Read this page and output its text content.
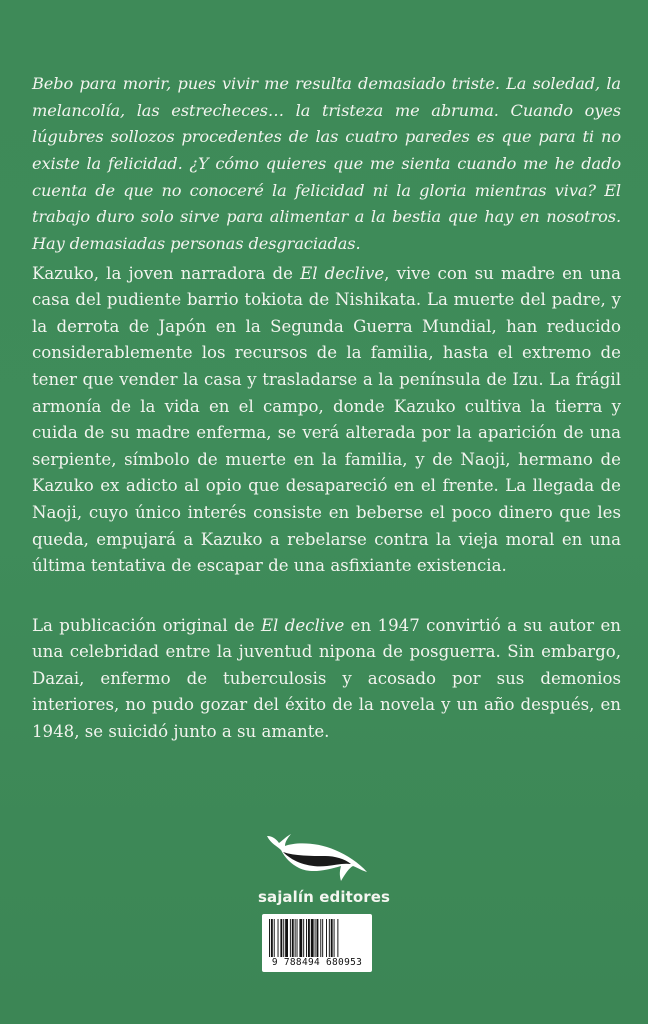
Bebo para morir, pues vivir me resulta demasiado triste. La soledad, la melancolía, las estrecheces… la tristeza me abruma. Cuando oyes lúgubres sollozos procedentes de las cuatro paredes es que para ti no existe la felicidad. ¿Y cómo quieres que me sienta cuando me he dado cuenta de que no conoceré la felicidad ni la gloria mientras viva? El trabajo duro solo sirve para alimentar a la bestia que hay en nosotros. Hay demasiadas personas desgraciadas.

Kazuko, la joven narradora de El declive, vive con su madre en una casa del pudiente barrio tokiota de Nishikata. La muerte del padre, y la derrota de Japón en la Segunda Guerra Mundial, han reducido considerablemente los recursos de la familia, hasta el extremo de tener que vender la casa y trasladarse a la península de Izu. La frágil armonía de la vida en el campo, donde Kazuko cultiva la tierra y cuida de su madre enferma, se verá alterada por la aparición de una serpiente, símbolo de muerte en la familia, y de Naoji, hermano de Kazuko ex adicto al opio que desapareció en el frente. La llegada de Naoji, cuyo único interés consiste en beberse el poco dinero que les queda, empujará a Kazuko a rebelarse contra la vieja moral en una última tentativa de escapar de una asfixiante existencia.

La publicación original de El declive en 1947 convirtió a su autor en una celebridad entre la juventud nipona de posguerra. Sin embargo, Dazai, enfermo de tuberculosis y acosado por sus demonios interiores, no pudo gozar del éxito de la novela y un año después, en 1948, se suicidó junto a su amante.

sajalín editores
9 788494 680953
